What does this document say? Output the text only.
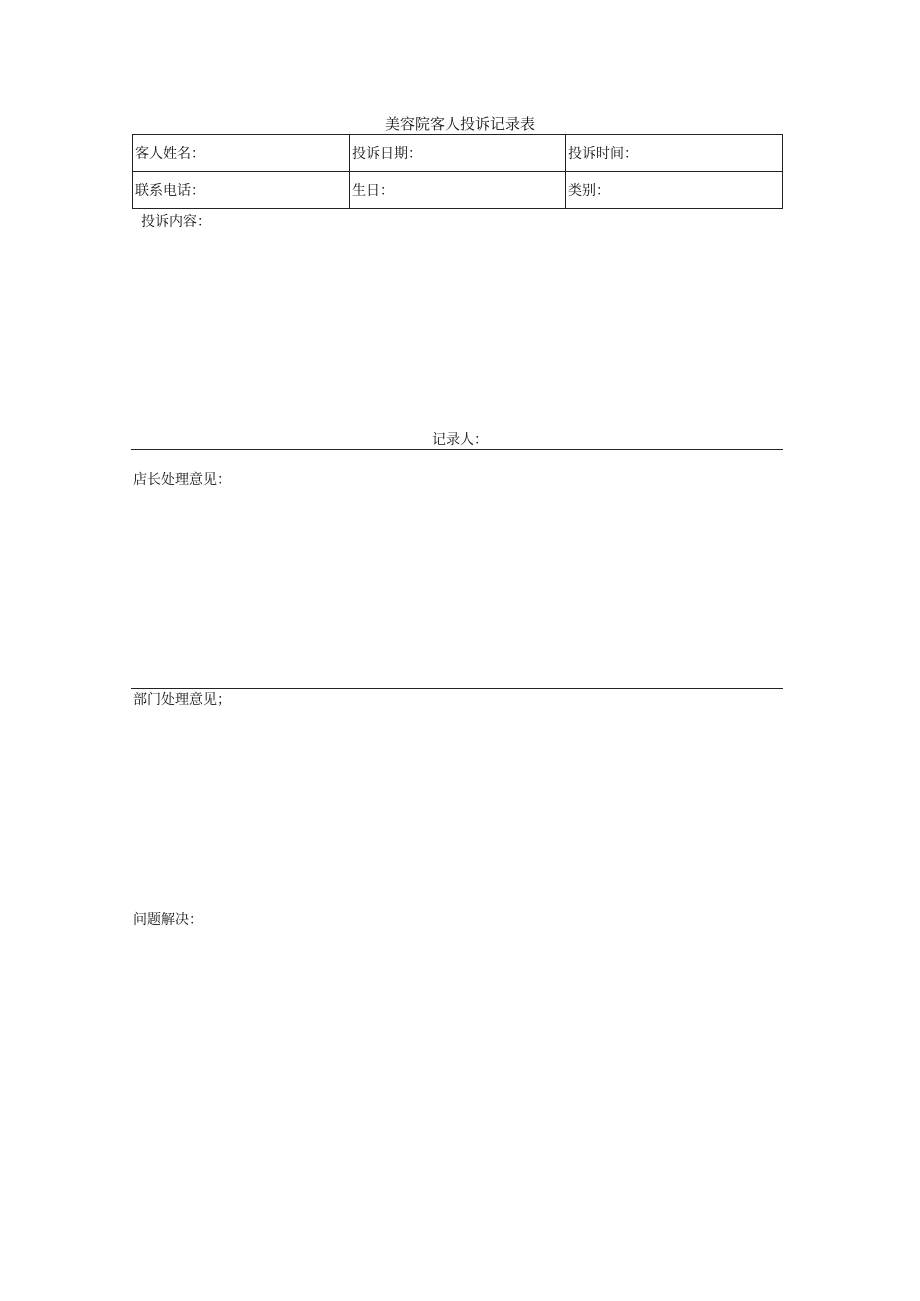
美容院客人投诉记录表
客人姓名：	投诉日期：	投诉时间：
联系电话：	生日：	类别：
投诉内容：
记录人：
店长处理意见：
部门处理意见；
问题解决：
